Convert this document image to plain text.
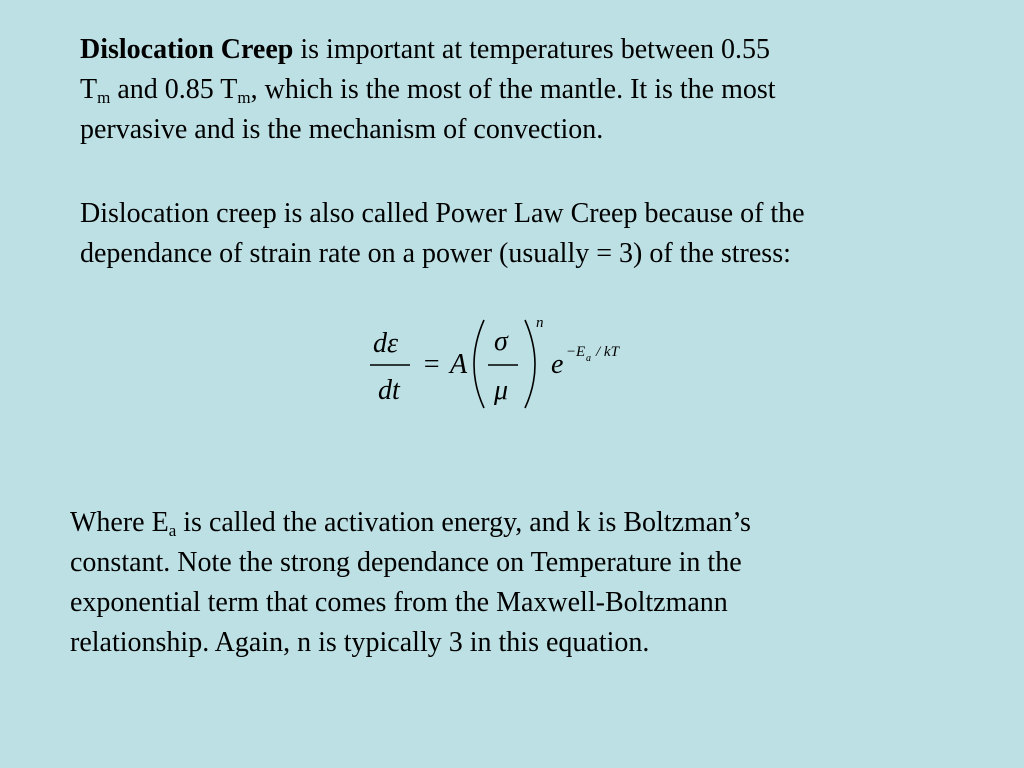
Dislocation Creep is important at temperatures between 0.55
$T_m$ and 0.85 $T_m$, which is the most of the mantle. It is the most
pervasive and is the mechanism of convection.

Dislocation creep is also called Power Law Creep because of the
dependance of strain rate on a power (usually = 3) of the stress:

dε
dt
= A
σ
μ
n
e − E a / kT

Where $E_a$ is called the activation energy, and k is Boltzman’s
constant. Note the strong dependance on Temperature in the
exponential term that comes from the Maxwell-Boltzmann
relationship. Again, n is typically 3 in this equation.
